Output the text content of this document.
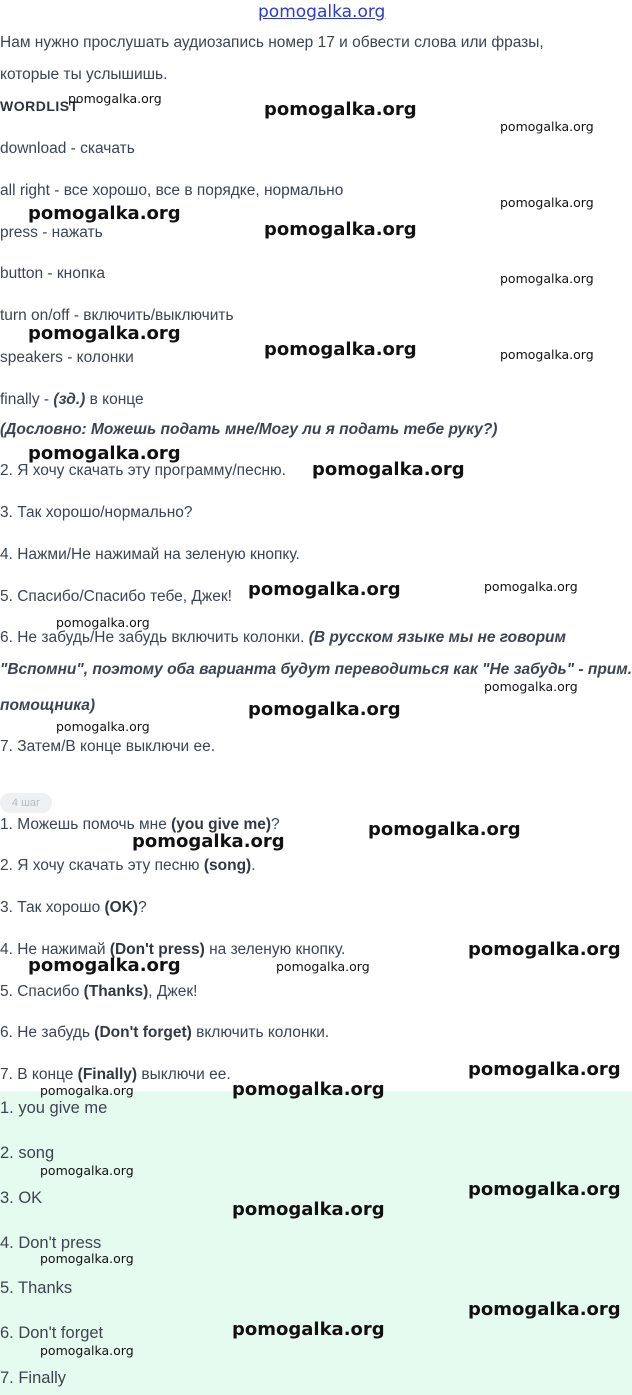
pomogalka.org
Нам нужно прослушать аудиозапись номер 17 и обвести слова или фразы,
которые ты услышишь.
WORDLIST
download - скачать
all right - все хорошо, все в порядке, нормально
press - нажать
button - кнопка
turn on/off - включить/выключить
speakers - колонки
finally - (зд.) в конце
(Дословно: Можешь подать мне/Могу ли я подать тебе руку?)
2. Я хочу скачать эту программу/песню.
3. Так хорошо/нормально?
4. Нажми/Не нажимай на зеленую кнопку.
5. Спасибо/Спасибо тебе, Джек!
6. Не забудь/Не забудь включить колонки. (В русском языке мы не говорим
"Вспомни", поэтому оба варианта будут переводиться как "Не забудь" - прим.
помощника)
7. Затем/В конце выключи ее.
4 шаг
1. Можешь помочь мне (you give me)?
2. Я хочу скачать эту песню (song).
3. Так хорошо (OK)?
4. Не нажимай (Don't press) на зеленую кнопку.
5. Спасибо (Thanks), Джек!
6. Не забудь (Don't forget) включить колонки.
7. В конце (Finally) выключи ее.
1. you give me
2. song
3. OK
4. Don't press
5. Thanks
6. Don't forget
7. Finally
pomogalka.org
pomogalka.org
pomogalka.org
pomogalka.org
pomogalka.org
pomogalka.org
pomogalka.org
pomogalka.org
pomogalka.org
pomogalka.org
pomogalka.org
pomogalka.org
pomogalka.org
pomogalka.org
pomogalka.org
pomogalka.org
pomogalka.org
pomogalka.org
pomogalka.org
pomogalka.org
pomogalka.org
pomogalka.org
pomogalka.org
pomogalka.org
pomogalka.org
pomogalka.org
pomogalka.org
pomogalka.org
pomogalka.org
pomogalka.org
pomogalka.org
pomogalka.org
pomogalka.org
